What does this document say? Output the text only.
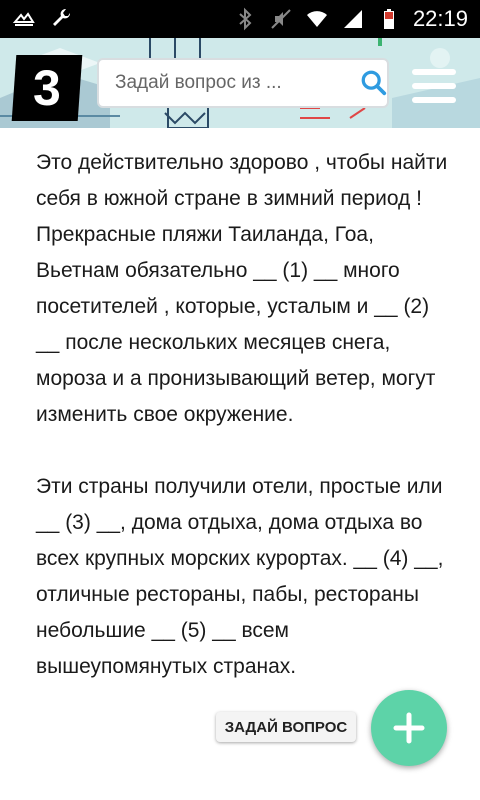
22:19
3
Задай вопрос из ...

Это действительно здорово , чтобы найти себя в южной стране в зимний период ! Прекрасные пляжи Таиланда, Гоа, Вьетнам обязательно __ (1) __ много посетителей , которые, усталым и __ (2) __ после нескольких месяцев снега, мороза и а пронизывающий ветер, могут изменить свое окружение.

Эти страны получили отели, простые или __ (3) __, дома отдыха, дома отдыха во всех крупных морских курортах. __ (4) __, отличные рестораны, пабы, рестораны небольшие __ (5) __ всем вышеупомянутых странах.

ЗАДАЙ ВОПРОС
